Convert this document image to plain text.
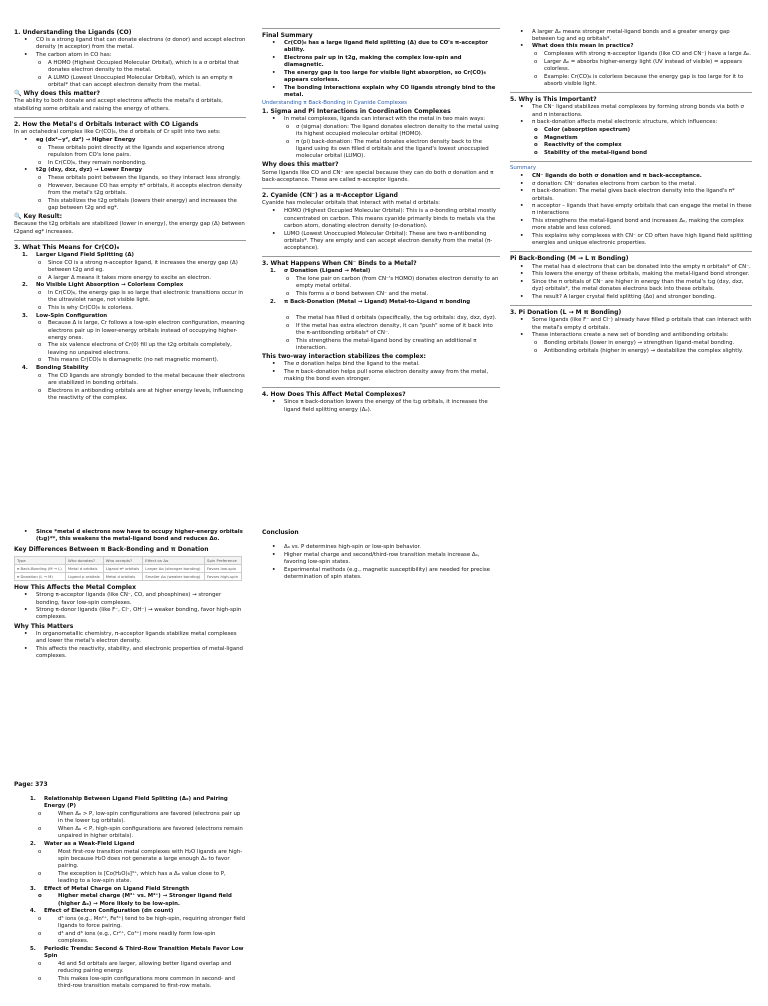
1. Understanding the Ligands (CO)
• CO is a strong ligand that can donate electrons (σ donor) and accept electron density (π acceptor) from the metal.
• The carbon atom in CO has:
o A HOMO (Highest Occupied Molecular Orbital), which is a σ orbital that donates electron density to the metal.
o A LUMO (Lowest Unoccupied Molecular Orbital), which is an empty π orbital* that can accept electron density from the metal.

🔍 Why does this matter?

The ability to both donate and accept electrons affects the metal's d orbitals, stabilizing some orbitals and raising the energy of others.

2. How the Metal's d Orbitals Interact with CO Ligands

In an octahedral complex like Cr(CO)₆, the d orbitals of Cr split into two sets:

• eg (dx²−y², dz²) → Higher Energy
o These orbitals point directly at the ligands and experience strong repulsion from CO's lone pairs.
o In Cr(CO)₆, they remain nonbonding.
• t2g (dxy, dxz, dyz) → Lower Energy
o These orbitals point between the ligands, so they interact less strongly.
o However, because CO has empty π* orbitals, it accepts electron density from the metal's t2g orbitals.
o This stabilizes the t2g orbitals (lowers their energy) and increases the gap between t2g and eg*.

🔍 Key Result:

Because the t2g orbitals are stabilized (lower in energy), the energy gap (Δ) between t2gand eg* increases.

3. What This Means for Cr(CO)₆
1. Larger Ligand Field Splitting (Δ)
o Since CO is a strong π-acceptor ligand, it increases the energy gap (Δ) between t2g and eg.
o A larger Δ means it takes more energy to excite an electron.
2. No Visible Light Absorption → Colorless Complex
o In Cr(CO)₆, the energy gap is so large that electronic transitions occur in the ultraviolet range, not visible light.
o This is why Cr(CO)₆ is colorless.
3. Low-Spin Configuration
o Because Δ is large, Cr follows a low-spin electron configuration, meaning electrons pair up in lower-energy orbitals instead of occupying higher-energy ones.
o The six valence electrons of Cr(0) fill up the t2g orbitals completely, leaving no unpaired electrons.
o This means Cr(CO)₆ is diamagnetic (no net magnetic moment).
4. Bonding Stability
o The CO ligands are strongly bonded to the metal because their electrons are stabilized in bonding orbitals.
o Electrons in antibonding orbitals are at higher energy levels, influencing the reactivity of the complex.
• Since *metal d electrons now have to occupy higher-energy orbitals (t₂g)**, this weakens the metal-ligand bond and reduces Δo.
Key Differences Between π Back-Bonding and π Donation
Type	Who donates?	Who accepts?	Effect on Δo	Spin Preference
π Back-Bonding (M → L)	Metal d orbitals	Ligand π* orbitals	Larger Δo (stronger bonding)	Favors low-spin
π Donation (L → M)	Ligand p orbitals	Metal d orbitals	Smaller Δo (weaker bonding)	Favors high-spin
How This Affects the Metal Complex
• Strong π-acceptor ligands (like CN⁻, CO, and phosphines) → stronger bonding, favor low-spin complexes.
• Strong π-donor ligands (like F⁻, Cl⁻, OH⁻) → weaker bonding, favor high-spin complexes.
Why This Matters
• In organometallic chemistry, π-acceptor ligands stabilize metal complexes and lower the metal's electron density.
• This affects the reactivity, stability, and electronic properties of metal-ligand complexes.
Page: 373
1. Relationship Between Ligand Field Splitting (Δₒ) and Pairing Energy (P)
o When Δₒ > P, low-spin configurations are favored (electrons pair up in the lower t₂g orbitals).
o When Δₒ < P, high-spin configurations are favored (electrons remain unpaired in higher orbitals).
2. Water as a Weak-Field Ligand
o Most first-row transition metal complexes with H₂O ligands are high-spin because H₂O does not generate a large enough Δₒ to favor pairing.
o The exception is [Co(H₂O)₆]³⁺, which has a Δₒ value close to P, leading to a low-spin state.
3. Effect of Metal Charge on Ligand Field Strength
o Higher metal charge (M³⁺ vs. M²⁺) → Stronger ligand field (higher Δₒ) → More likely to be low-spin.
4. Effect of Electron Configuration (dn count)
o d⁵ ions (e.g., Mn²⁺, Fe³⁺) tend to be high-spin, requiring stronger field ligands to force pairing.
o d⁴ and d⁶ ions (e.g., Cr²⁺, Co³⁺) more readily form low-spin complexes.
5. Periodic Trends: Second & Third-Row Transition Metals Favor Low Spin
o 4d and 5d orbitals are larger, allowing better ligand overlap and reducing pairing energy.
o This makes low-spin configurations more common in second- and third-row transition metals compared to first-row metals.
Final Summary
• Cr(CO)₆ has a large ligand field splitting (Δ) due to CO's π-acceptor ability.
• Electrons pair up in t2g, making the complex low-spin and diamagnetic.
• The energy gap is too large for visible light absorption, so Cr(CO)₆ appears colorless.
• The bonding interactions explain why CO ligands strongly bind to the metal.
Understanding π Back-Bonding in Cyanide Complexes
1. Sigma and Pi Interactions in Coordination Complexes
• In metal complexes, ligands can interact with the metal in two main ways:
o σ (sigma) donation: The ligand donates electron density to the metal using its highest occupied molecular orbital (HOMO).
o π (pi) back-donation: The metal donates electron density back to the ligand using its own filled d orbitals and the ligand's lowest unoccupied molecular orbital (LUMO).

Why does this matter?

Some ligands like CO and CN⁻ are special because they can do both σ donation and π back-acceptance. These are called π-acceptor ligands.

2. Cyanide (CN⁻) as a π-Acceptor Ligand

Cyanide has molecular orbitals that interact with metal d orbitals:

• HOMO (Highest Occupied Molecular Orbital): This is a σ-bonding orbital mostly concentrated on carbon. This means cyanide primarily binds to metals via the carbon atom, donating electron density (σ-donation).
• LUMO (Lowest Unoccupied Molecular Orbital): These are two π-antibonding orbitals*. They are empty and can accept electron density from the metal (π-acceptance).
3. What Happens When CN⁻ Binds to a Metal?
1. σ Donation (Ligand → Metal)
o The lone pair on carbon (from CN⁻'s HOMO) donates electron density to an empty metal orbital.
o This forms a σ bond between CN⁻ and the metal.
2. π Back-Donation (Metal → Ligand) Metal-to-Ligand π bonding
o The metal has filled d orbitals (specifically, the t₂g orbitals: dxy, dxz, dyz).
o If the metal has extra electron density, it can "push" some of it back into the π-antibonding orbitals* of CN⁻.
o This strengthens the metal-ligand bond by creating an additional π interaction.

This two-way interaction stabilizes the complex:

• The σ donation helps bind the ligand to the metal.
• The π back-donation helps pull some electron density away from the metal, making the bond even stronger.
4. How Does This Affect Metal Complexes?
• Since π back-donation lowers the energy of the t₂g orbitals, it increases the ligand field splitting energy (Δₒ).
Conclusion
• Δₒ vs. P determines high-spin or low-spin behavior.
• Higher metal charge and second/third-row transition metals increase Δₒ, favoring low-spin states.
• Experimental methods (e.g., magnetic susceptibility) are needed for precise determination of spin states.
• A larger Δₒ means stronger metal-ligand bonds and a greater energy gap between t₂g and eg orbitals*.
• What does this mean in practice?
o Complexes with strong π-acceptor ligands (like CO and CN⁻) have a large Δₒ.
o Larger Δₒ = absorbs higher-energy light (UV instead of visible) = appears colorless.
o Example: Cr(CO)₆ is colorless because the energy gap is too large for it to absorb visible light.
5. Why is This Important?
• The CN⁻ ligand stabilizes metal complexes by forming strong bonds via both σ and π interactions.
• π back-donation affects metal electronic structure, which influences:
o Color (absorption spectrum)
o Magnetism
o Reactivity of the complex
o Stability of the metal-ligand bond
Summary
• CN⁻ ligands do both σ donation and π back-acceptance.
• σ donation: CN⁻ donates electrons from carbon to the metal.
• π back-donation: The metal gives back electron density into the ligand's π* orbitals.
• π acceptor – ligands that have empty orbitals that can engage the metal in these π interactions
• This strengthens the metal-ligand bond and increases Δₒ, making the complex more stable and less colored.
• This explains why complexes with CN⁻ or CO often have high ligand field splitting energies and unique electronic properties.
Pi Back-Bonding (M → L π Bonding)
• The metal has d electrons that can be donated into the empty π orbitals* of CN⁻.
• This lowers the energy of these orbitals, making the metal-ligand bond stronger.
• Since the π orbitals of CN⁻ are higher in energy than the metal's t₂g (dxy, dxz, dyz) orbitals*, the metal donates electrons back into these orbitals.
• The result? A larger crystal field splitting (Δo) and stronger bonding.
3. Pi Donation (L → M π Bonding)
• Some ligands (like F⁻ and Cl⁻) already have filled p orbitals that can interact with the metal's empty d orbitals.
• These interactions create a new set of bonding and antibonding orbitals:
o Bonding orbitals (lower in energy) → strengthen ligand-metal bonding.
o Antibonding orbitals (higher in energy) → destabilize the complex slightly.
